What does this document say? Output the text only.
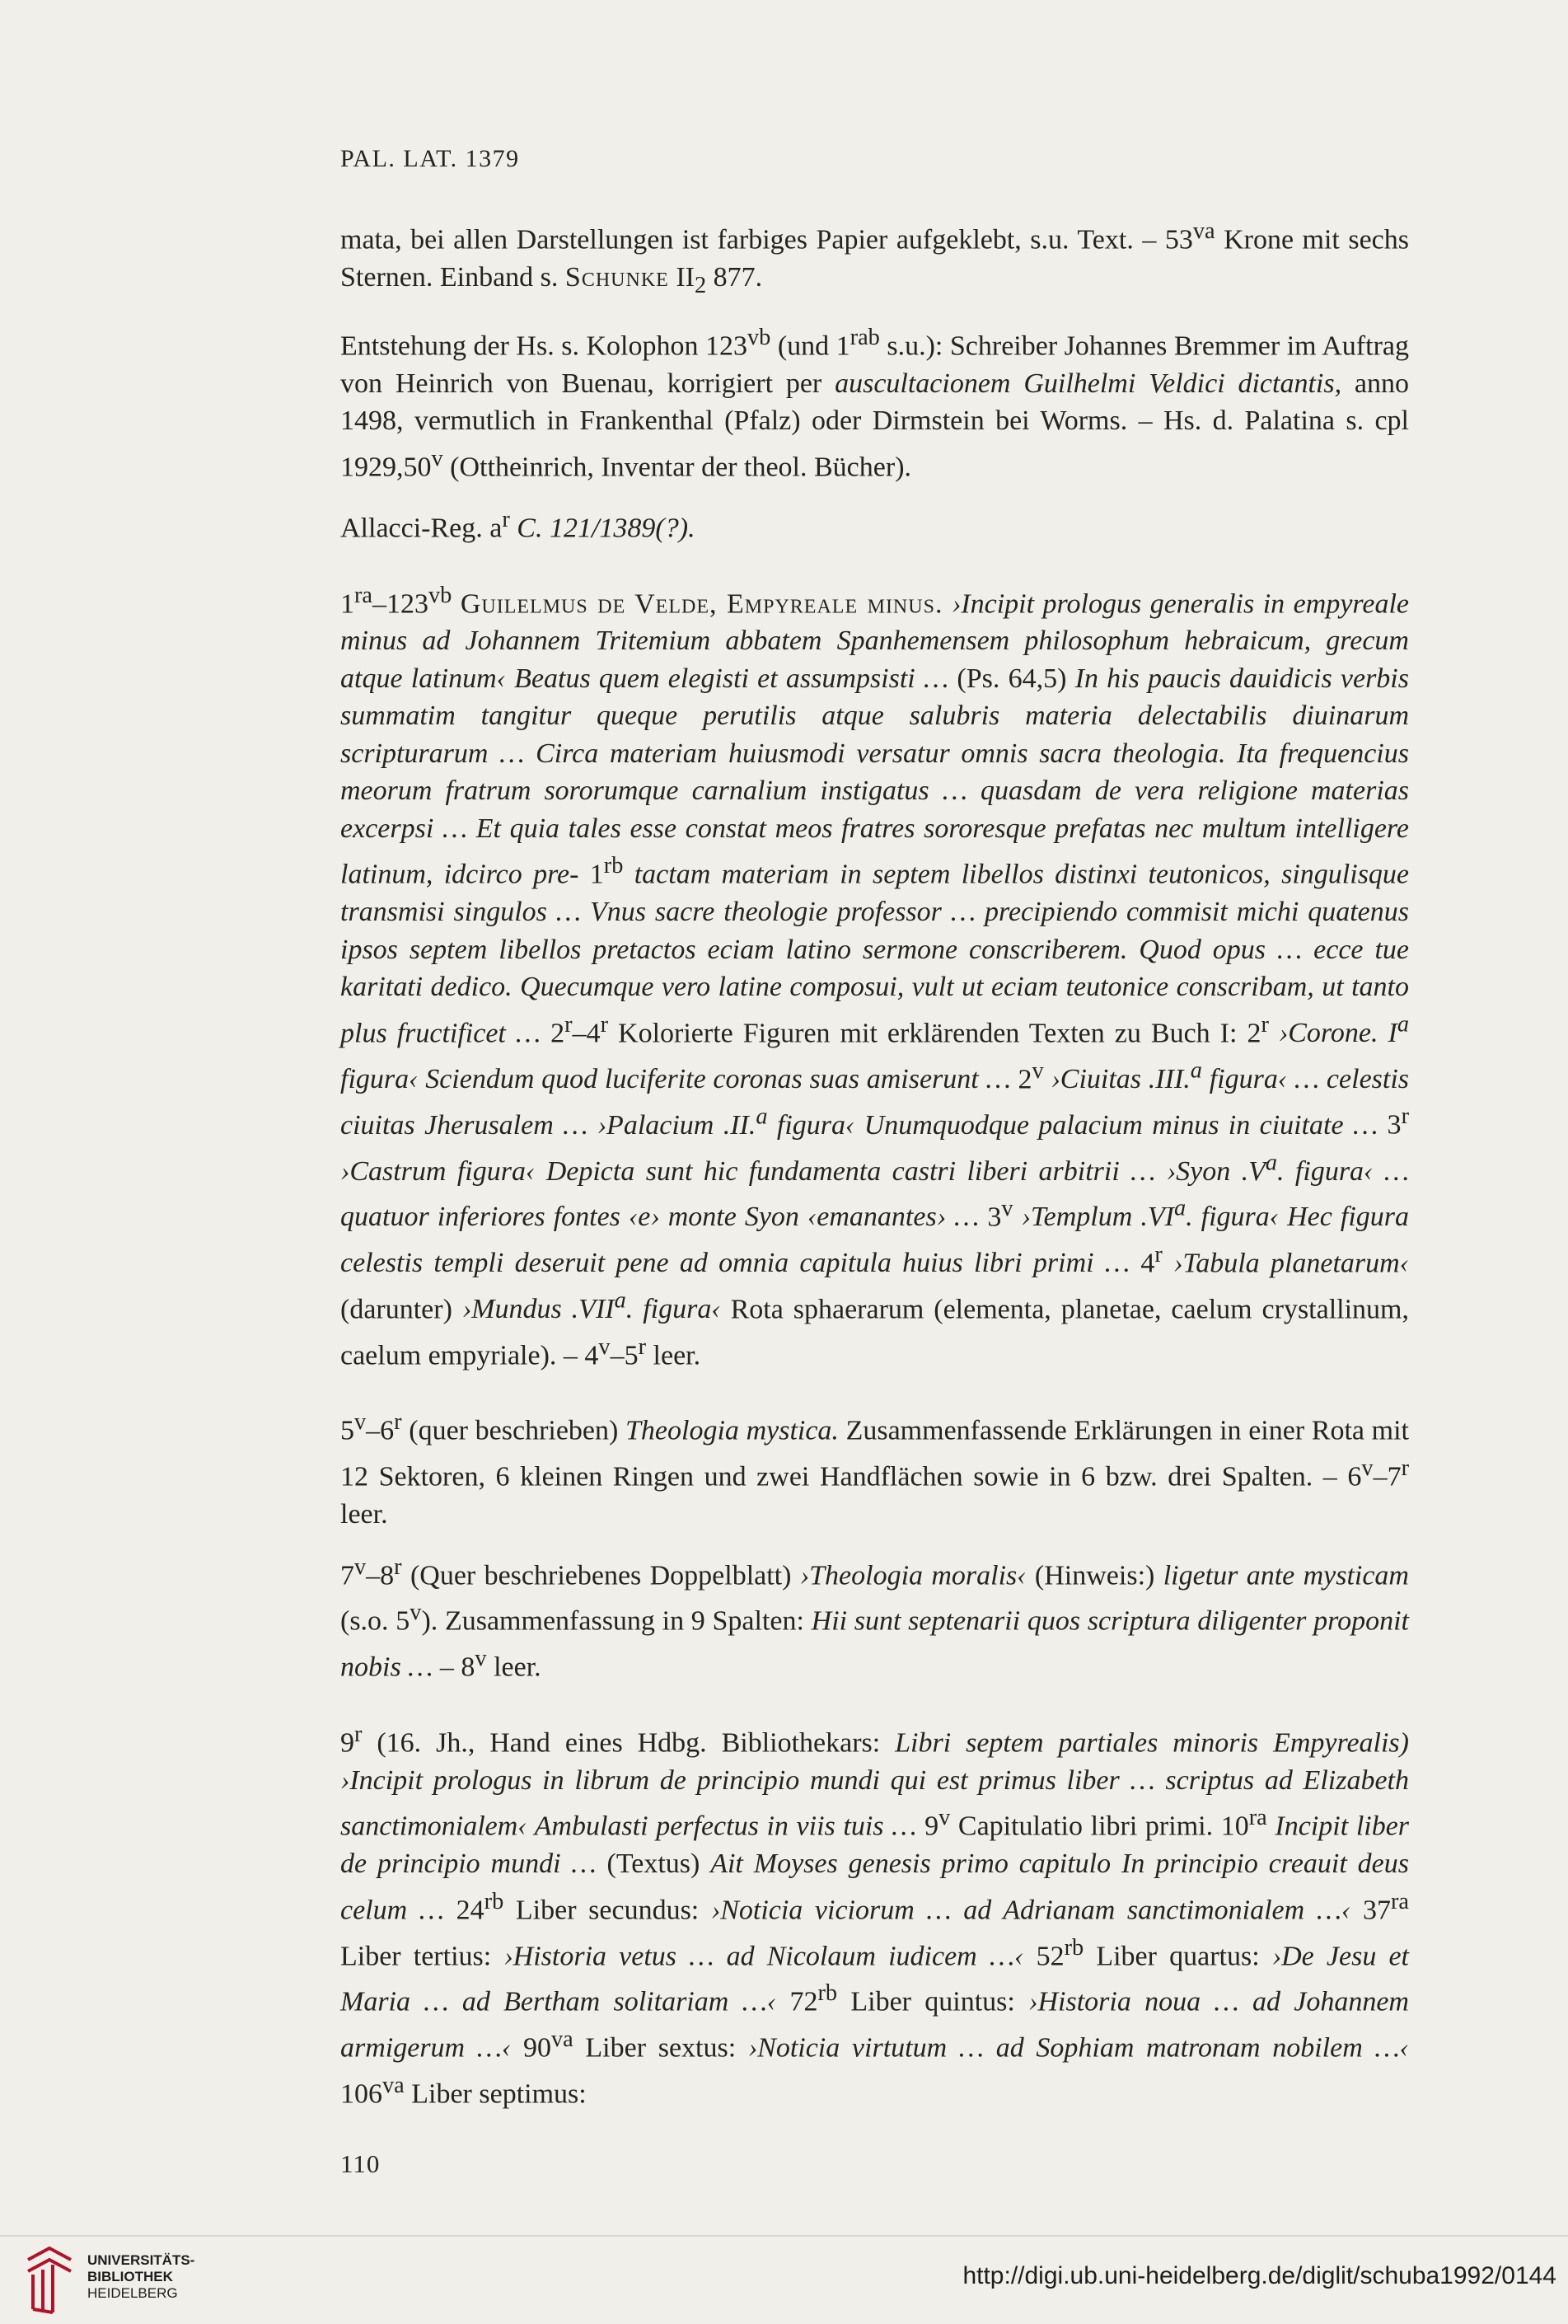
PAL. LAT. 1379

mata, bei allen Darstellungen ist farbiges Papier aufgeklebt, s.u. Text. – $53^{va}$ Krone mit sechs Sternen. Einband s. Schunke $II_2$ 877.

Entstehung der Hs. s. Kolophon $123^{vb}$ (und $1^{rab}$ s.u.): Schreiber Johannes Bremmer im Auftrag von Heinrich von Buenau, korrigiert per auscultacionem Guilhelmi Veldici dictantis, anno 1498, vermutlich in Frankenthal (Pfalz) oder Dirmstein bei Worms. – Hs. d. Palatina s. cpl 1929,50$^v$ (Ottheinrich, Inventar der theol. Bücher).

Allacci-Reg. $a^r$ C. 121/1389(?).

$1^{ra}-123^{vb}$ Guilelmus de Velde, Empyreale minus. ›Incipit prologus generalis in empyreale minus ad Johannem Tritemium abbatem Spanhemensem philosophum hebraicum, grecum atque latinum‹ Beatus quem elegisti et assumpsisti … (Ps. 64,5) In his paucis dauidicis verbis summatim tangitur queque perutilis atque salubris materia delectabilis diuinarum scripturarum … Circa materiam huiusmodi versatur omnis sacra theologia. Ita frequencius meorum fratrum sororumque carnalium instigatus … quasdam de vera religione materias excerpsi … Et quia tales esse constat meos fratres sororesque prefatas nec multum intelligere latinum, idcirco pre- $1^{rb}$ tactam materiam in septem libellos distinxi teutonicos, singulisque transmisi singulos … Vnus sacre theologie professor … precipiendo commisit michi quatenus ipsos septem libellos pretactos eciam latino sermone conscriberem. Quod opus … ecce tue karitati dedico. Quecumque vero latine composui, vult ut eciam teutonice conscribam, ut tanto plus fructificet … 2$^r$–4$^r$ Kolorierte Figuren mit erklärenden Texten zu Buch I: 2$^r$ ›Corone. $I^a$ figura‹ Sciendum quod luciferite coronas suas amiserunt … 2$^v$ ›Ciuitas .III.$^a$ figura‹ … celestis ciuitas Jherusalem … ›Palacium .II.$^a$ figura‹ Unumquodque palacium minus in ciuitate … 3$^r$ ›Castrum figura‹ Depicta sunt hic fundamenta castri liberi arbitrii … ›Syon $.V^a$. figura‹ … quatuor inferiores fontes ‹e› monte Syon ‹emanantes› … 3$^v$ ›Templum $.VI^a$. figura‹ Hec figura celestis templi deseruit pene ad omnia capitula huius libri primi … 4$^r$ ›Tabula planetarum‹ (darunter) ›Mundus .VII$^a$. figura‹ Rota sphaerarum (elementa, planetae, caelum crystallinum, caelum empyriale). – 4$^v$–5$^r$ leer.

5$^v$–6$^r$ (quer beschrieben) Theologia mystica. Zusammenfassende Erklärungen in einer Rota mit 12 Sektoren, 6 kleinen Ringen und zwei Handflächen sowie in 6 bzw. drei Spalten. – 6$^v$–7$^r$ leer.

7$^v$–8$^r$ (Quer beschriebenes Doppelblatt) ›Theologia moralis‹ (Hinweis:) ligetur ante mysticam (s.o. 5$^v$). Zusammenfassung in 9 Spalten: Hii sunt septenarii quos scriptura diligenter proponit nobis … – 8$^v$ leer.

9$^r$ (16. Jh., Hand eines Hdbg. Bibliothekars: Libri septem partiales minoris Empyrealis) ›Incipit prologus in librum de principio mundi qui est primus liber … scriptus ad Elizabeth sanctimonialem‹ Ambulasti perfectus in viis tuis … 9$^v$ Capitulatio libri primi. $10^{ra}$ Incipit liber de principio mundi … (Textus) Ait Moyses genesis primo capitulo In principio creauit deus celum … $24^{rb}$ Liber secundus: ›Noticia viciorum … ad Adrianam sanctimonialem …‹ $37^{ra}$ Liber tertius: ›Historia vetus … ad Nicolaum iudicem …‹ $52^{rb}$ Liber quartus: ›De Jesu et Maria … ad Bertham solitariam …‹ $72^{rb}$ Liber quintus: ›Historia noua … ad Johannem armigerum …‹ $90^{va}$ Liber sextus: ›Noticia virtutum … ad Sophiam matronam nobilem …‹ $106^{va}$ Liber septimus:

110
UNIVERSITÄTS-
BIBLIOTHEK
HEIDELBERG
http://digi.ub.uni-heidelberg.de/diglit/schuba1992/0144
